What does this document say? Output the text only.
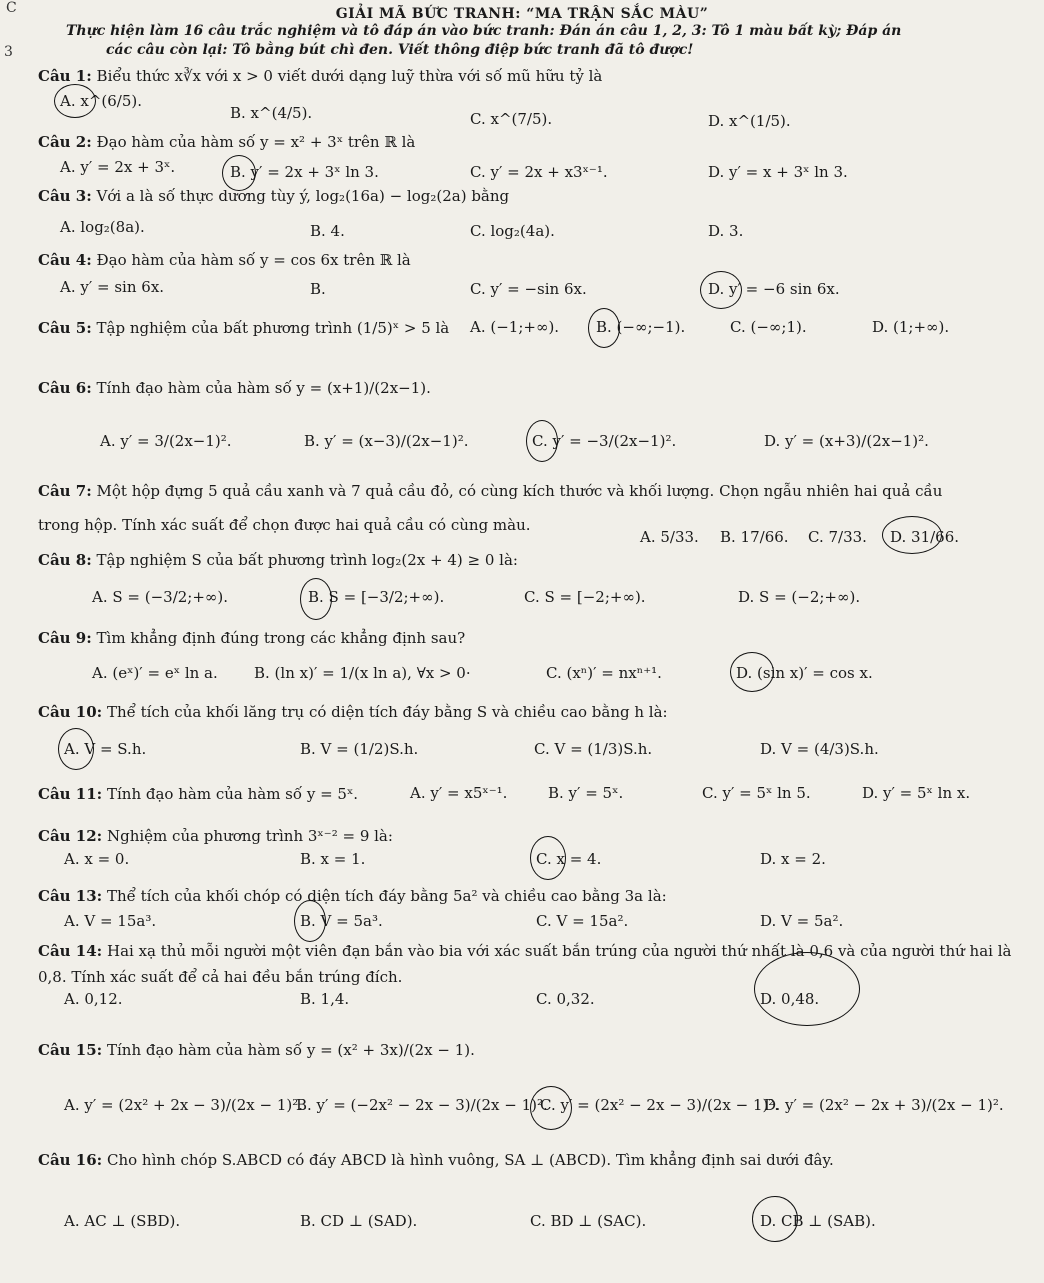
C
3
GIẢI MÃ BỨC TRANH: “MA TRẬN SẮC MÀU”
Thực hiện làm 16 câu trắc nghiệm và tô đáp án vào bức tranh: Đán án câu 1, 2, 3: Tô 1 màu bất kỳ; Đáp án
các câu còn lại: Tô bằng bút chì đen. Viết thông điệp bức tranh đã tô được!
Câu 1: Biểu thức x∛x với x > 0 viết dưới dạng luỹ thừa với số mũ hữu tỷ là
A. x^(6/5).
B. x^(4/5).	C. x^(7/5).	D. x^(1/5).
Câu 2: Đạo hàm của hàm số y = x² + 3ˣ trên ℝ là
A. y′ = 2x + 3ˣ.	B. y′ = 2x + 3ˣ ln 3.	C. y′ = 2x + x3ˣ⁻¹.	D. y′ = x + 3ˣ ln 3.
Câu 3: Với a là số thực dương tùy ý, log₂(16a) − log₂(2a) bằng
A. log₂(8a).	B. 4.	C. log₂(4a).	D. 3.
Câu 4: Đạo hàm của hàm số y = cos 6x trên ℝ là
A. y′ = sin 6x.	B.	C. y′ = −sin 6x.	D. y′ = −6 sin 6x.
Câu 5: Tập nghiệm của bất phương trình (1/5)ˣ > 5 là	A. (−1;+∞). B. (−∞;−1).	C. (−∞;1).	D. (1;+∞).
Câu 6: Tính đạo hàm của hàm số y = (x+1)/(2x−1).
A. y′ = 3/(2x−1)².	B. y′ = (x−3)/(2x−1)².	C. y′ = −3/(2x−1)².	D. y′ = (x+3)/(2x−1)².
Câu 7: Một hộp đựng 5 quả cầu xanh và 7 quả cầu đỏ, có cùng kích thước và khối lượng. Chọn ngẫu nhiên hai quả cầu trong hộp. Tính xác suất để chọn được hai quả cầu có cùng màu.
A. 5/33. B. 17/66. C. 7/33. D. 31/66.
Câu 8: Tập nghiệm S của bất phương trình log₂(2x + 4) ≥ 0 là:
A. S = (−3/2;+∞).	B. S = [−3/2;+∞).	C. S = [−2;+∞).	D. S = (−2;+∞).
Câu 9: Tìm khẳng định đúng trong các khẳng định sau?
A. (eˣ)′ = eˣ ln a. B. (ln x)′ = 1/(x ln a), ∀x > 0·	C. (xⁿ)′ = nxⁿ⁺¹.	D. (sin x)′ = cos x.
Câu 10: Thể tích của khối lăng trụ có diện tích đáy bằng S và chiều cao bằng h là:
A. V = S.h.	B. V = (1/2)S.h.	C. V = (1/3)S.h.	D. V = (4/3)S.h.
Câu 11: Tính đạo hàm của hàm số y = 5ˣ.	A. y′ = x5ˣ⁻¹.	B. y′ = 5ˣ.	C. y′ = 5ˣ ln 5.	D. y′ = 5ˣ ln x.
Câu 12: Nghiệm của phương trình 3ˣ⁻² = 9 là:
A. x = 0.	B. x = 1.	C. x = 4.	D. x = 2.
Câu 13: Thể tích của khối chóp có diện tích đáy bằng 5a² và chiều cao bằng 3a là:
A. V = 15a³.	B. V = 5a³.	C. V = 15a².	D. V = 5a².
Câu 14: Hai xạ thủ mỗi người một viên đạn bắn vào bia với xác suất bắn trúng của người thứ nhất là 0,6 và của người thứ hai là 0,8. Tính xác suất để cả hai đều bắn trúng đích.
A. 0,12.	B. 1,4.	C. 0,32.	D. 0,48.
Câu 15: Tính đạo hàm của hàm số y = (x² + 3x)/(2x − 1).
A. y′ = (2x² + 2x − 3)/(2x − 1)².
B. y′ = (−2x² − 2x − 3)/(2x − 1)².
C. y′ = (2x² − 2x − 3)/(2x − 1)².
D. y′ = (2x² − 2x + 3)/(2x − 1)².
Câu 16: Cho hình chóp S.ABCD có đáy ABCD là hình vuông, SA ⊥ (ABCD). Tìm khẳng định sai dưới đây.
A. AC ⊥ (SBD).	B. CD ⊥ (SAD).	C. BD ⊥ (SAC).	D. CB ⊥ (SAB).
